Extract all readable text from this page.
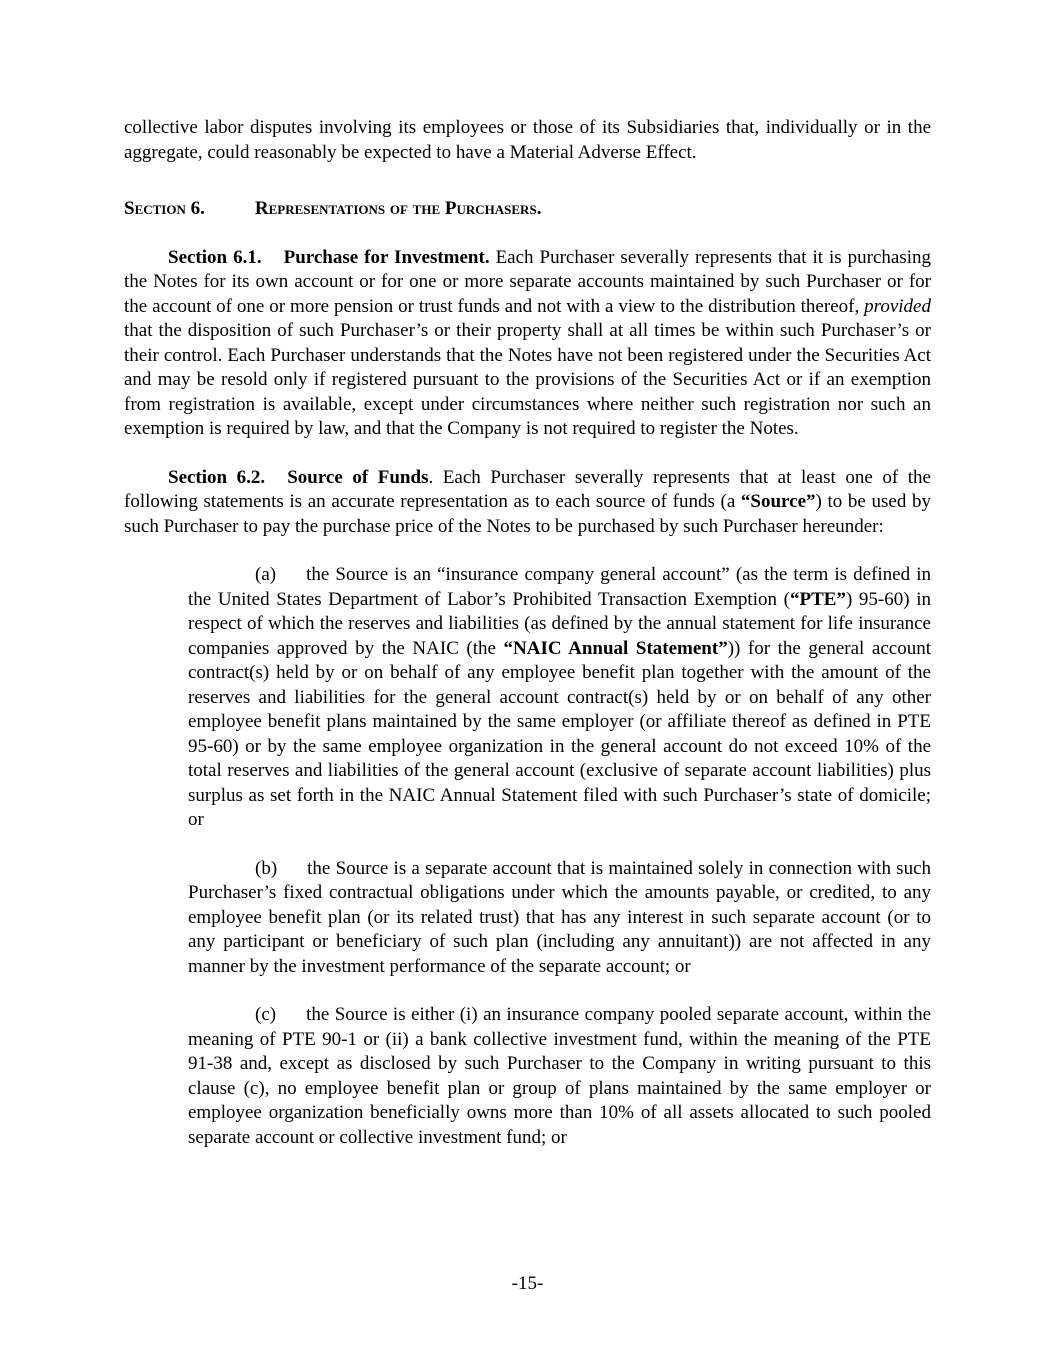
collective labor disputes involving its employees or those of its Subsidiaries that, individually or in the aggregate, could reasonably be expected to have a Material Adverse Effect.

Section 6.	Representations of the Purchasers.

Section 6.1. Purchase for Investment. Each Purchaser severally represents that it is purchasing the Notes for its own account or for one or more separate accounts maintained by such Purchaser or for the account of one or more pension or trust funds and not with a view to the distribution thereof, provided that the disposition of such Purchaser’s or their property shall at all times be within such Purchaser’s or their control. Each Purchaser understands that the Notes have not been registered under the Securities Act and may be resold only if registered pursuant to the provisions of the Securities Act or if an exemption from registration is available, except under circumstances where neither such registration nor such an exemption is required by law, and that the Company is not required to register the Notes.

Section 6.2. Source of Funds. Each Purchaser severally represents that at least one of the following statements is an accurate representation as to each source of funds (a “Source”) to be used by such Purchaser to pay the purchase price of the Notes to be purchased by such Purchaser hereunder:

(a) the Source is an “insurance company general account” (as the term is defined in the United States Department of Labor’s Prohibited Transaction Exemption (“PTE”) 95-60) in respect of which the reserves and liabilities (as defined by the annual statement for life insurance companies approved by the NAIC (the “NAIC Annual Statement”)) for the general account contract(s) held by or on behalf of any employee benefit plan together with the amount of the reserves and liabilities for the general account contract(s) held by or on behalf of any other employee benefit plans maintained by the same employer (or affiliate thereof as defined in PTE 95-60) or by the same employee organization in the general account do not exceed 10% of the total reserves and liabilities of the general account (exclusive of separate account liabilities) plus surplus as set forth in the NAIC Annual Statement filed with such Purchaser’s state of domicile; or

(b) the Source is a separate account that is maintained solely in connection with such Purchaser’s fixed contractual obligations under which the amounts payable, or credited, to any employee benefit plan (or its related trust) that has any interest in such separate account (or to any participant or beneficiary of such plan (including any annuitant)) are not affected in any manner by the investment performance of the separate account; or

(c) the Source is either (i) an insurance company pooled separate account, within the meaning of PTE 90-1 or (ii) a bank collective investment fund, within the meaning of the PTE 91-38 and, except as disclosed by such Purchaser to the Company in writing pursuant to this clause (c), no employee benefit plan or group of plans maintained by the same employer or employee organization beneficially owns more than 10% of all assets allocated to such pooled separate account or collective investment fund; or

-15-
